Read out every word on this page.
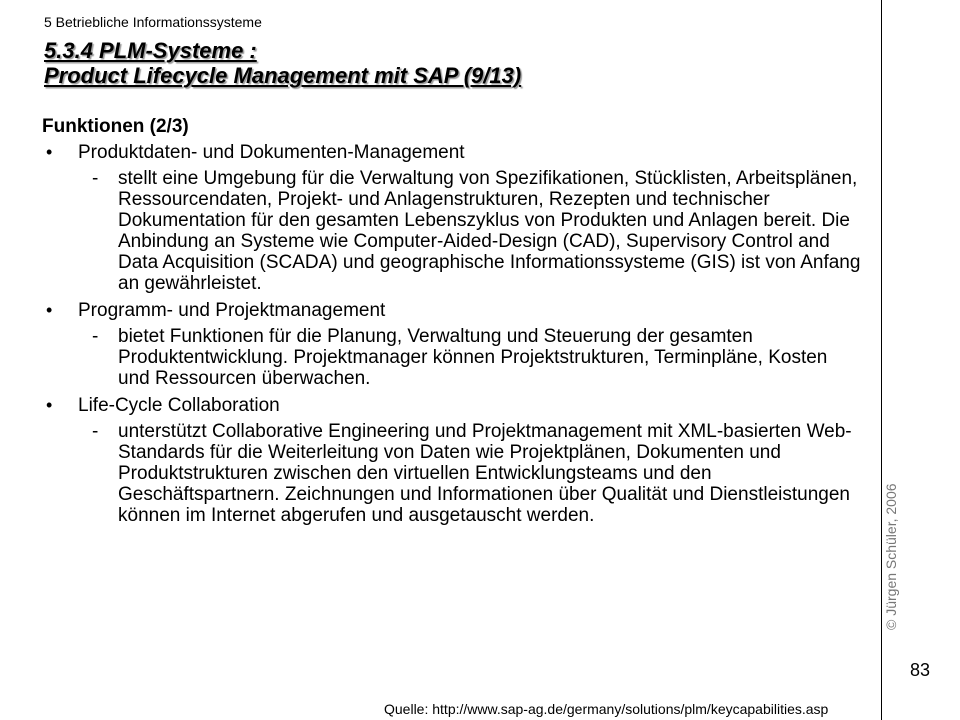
5 Betriebliche Informationssysteme
5.3.4 PLM-Systeme :
Product Lifecycle Management mit SAP (9/13)
Funktionen (2/3)
• Produktdaten- und Dokumenten-Management
- stellt eine Umgebung für die Verwaltung von Spezifikationen, Stücklisten, Arbeitsplänen, Ressourcendaten, Projekt- und Anlagenstrukturen, Rezepten und technischer Dokumentation für den gesamten Lebenszyklus von Produkten und Anlagen bereit. Die Anbindung an Systeme wie Computer-Aided-Design (CAD), Supervisory Control and Data Acquisition (SCADA) und geographische Informationssysteme (GIS) ist von Anfang an gewährleistet.

• Programm- und Projektmanagement
- bietet Funktionen für die Planung, Verwaltung und Steuerung der gesamten Produktentwicklung. Projektmanager können Projektstrukturen, Terminpläne, Kosten und Ressourcen überwachen.

• Life-Cycle Collaboration
- unterstützt Collaborative Engineering und Projektmanagement mit XML-basierten Web-Standards für die Weiterleitung von Daten wie Projektplänen, Dokumenten und Produktstrukturen zwischen den virtuellen Entwicklungsteams und den Geschäftspartnern. Zeichnungen und Informationen über Qualität und Dienstleistungen können im Internet abgerufen und ausgetauscht werden.	© Jürgen Schüler, 2006
83
Quelle: http://www.sap-ag.de/germany/solutions/plm/keycapabilities.asp
